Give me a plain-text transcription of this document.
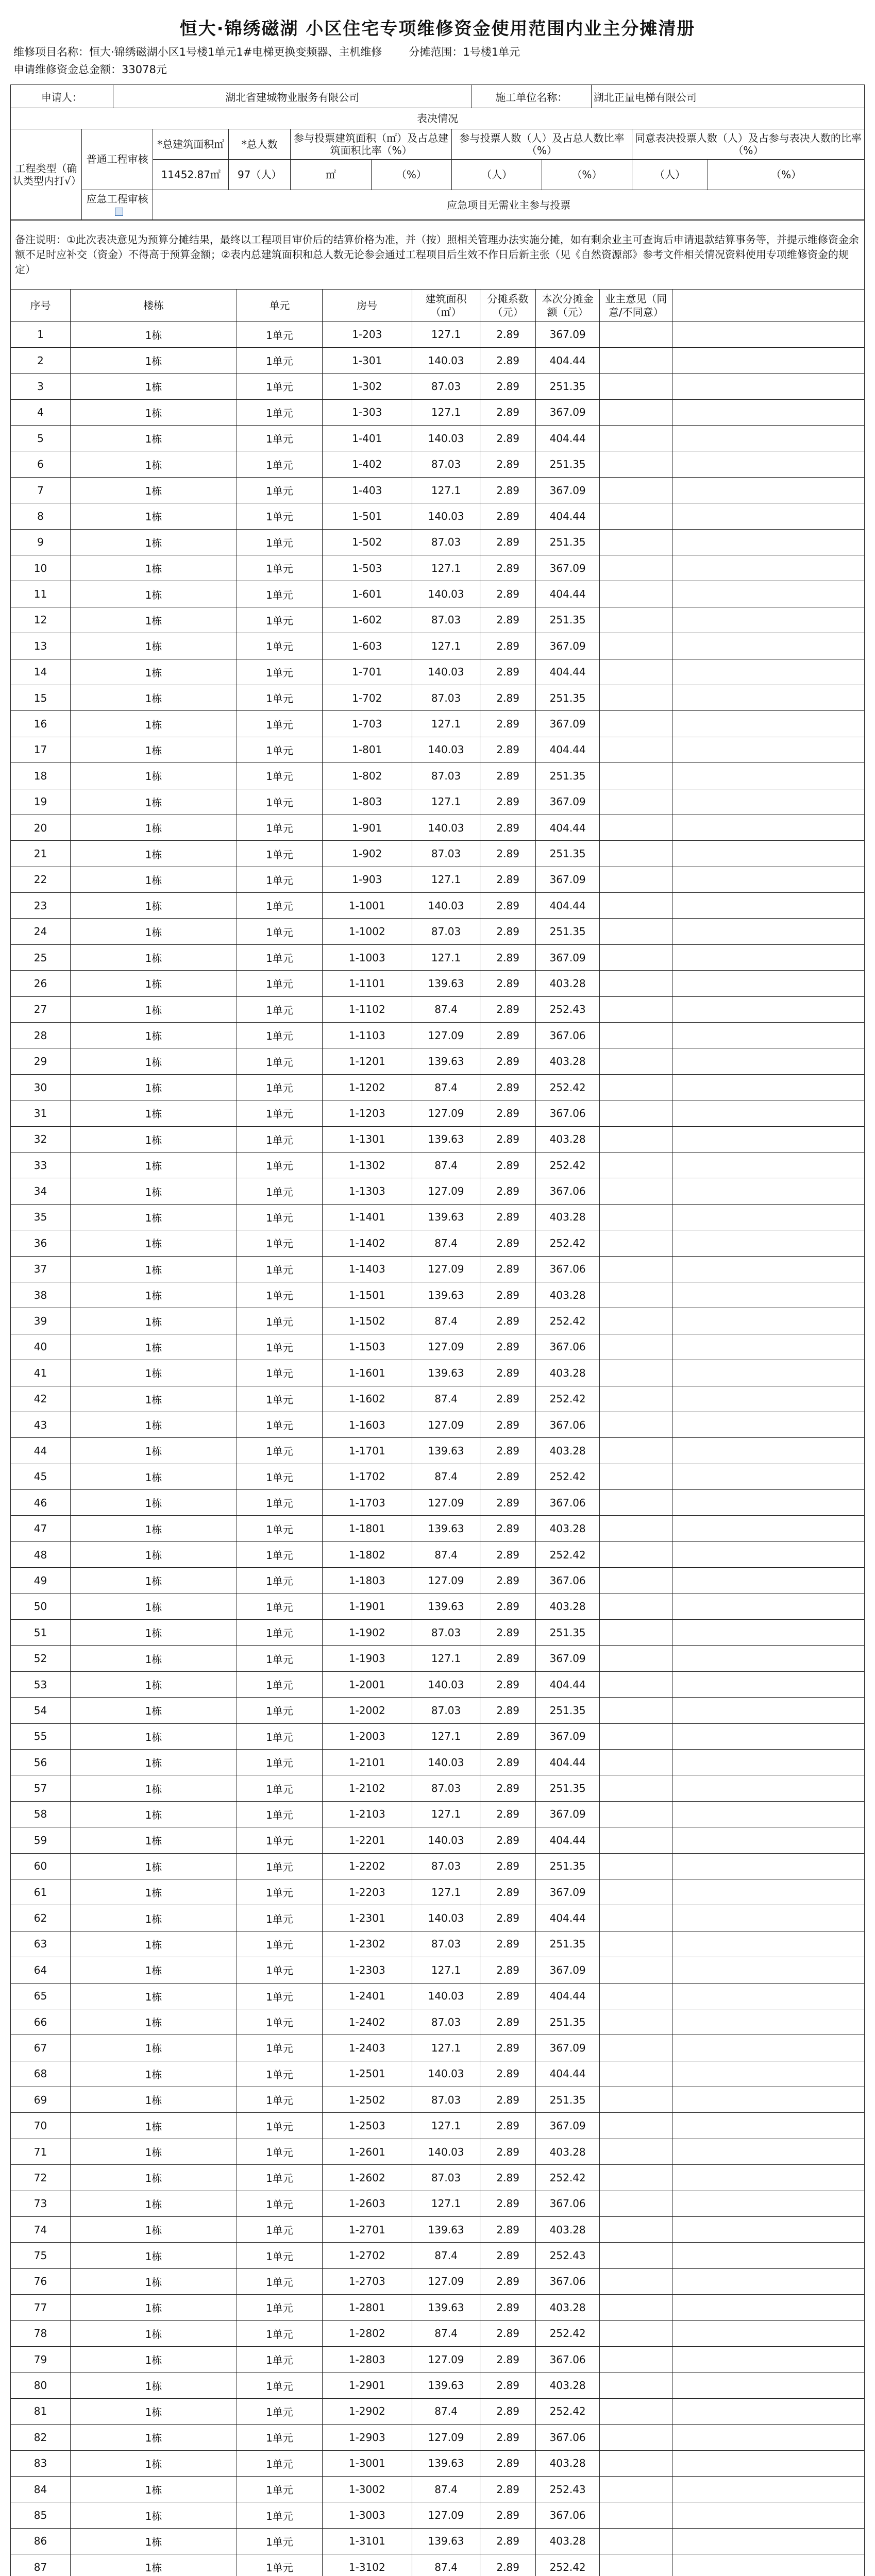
恒大·锦绣磁湖 小区住宅专项维修资金使用范围内业主分摊清册
维修项目名称：恒大·锦绣磁湖小区1号楼1单元1#电梯更换变频器、主机维修 分摊范围：1号楼1单元
申请维修资金总金额：33078元
申请人：	湖北省建城物业服务有限公司	施工单位名称：	湖北正量电梯有限公司
表决情况									
工程类型（确认类型内打√）	普通工程审核	*总建筑面积㎡	*总人数	参与投票建筑面积（㎡）及占总建筑面积比率（%）		参与投票人数（人）及占总人数比率（%）		同意表决投票人数（人）及占参与表决人数的比率（%）	
		11452.87㎡	97（人）	㎡	（%）	（人）	（%）	（人）	（%）
	应急工程审核	应急项目无需业主参与投票							
备注说明：①此次表决意见为预算分摊结果，最终以工程项目审价后的结算价格为准，并（按）照相关管理办法实施分摊，如有剩余业主可查询后申请退款结算事务等，并提示维修资金余额不足时应补交（资金）不得高于预算金额；②表内总建筑面积和总人数无论参会通过工程项目后生效不作日后新主张（见《自然资源部》参考文件相关情况资料使用专项维修资金的规定）
序号	楼栋	单元	房号	建筑面积（㎡）	分摊系数（元）	本次分摊金额（元）	业主意见（同意/不同意）	
1	1栋	1单元	1-203	127.1	2.89	367.09		
2	1栋	1单元	1-301	140.03	2.89	404.44		
3	1栋	1单元	1-302	87.03	2.89	251.35		
4	1栋	1单元	1-303	127.1	2.89	367.09		
5	1栋	1单元	1-401	140.03	2.89	404.44		
6	1栋	1单元	1-402	87.03	2.89	251.35		
7	1栋	1单元	1-403	127.1	2.89	367.09		
8	1栋	1单元	1-501	140.03	2.89	404.44		
9	1栋	1单元	1-502	87.03	2.89	251.35		
10	1栋	1单元	1-503	127.1	2.89	367.09		
11	1栋	1单元	1-601	140.03	2.89	404.44		
12	1栋	1单元	1-602	87.03	2.89	251.35		
13	1栋	1单元	1-603	127.1	2.89	367.09		
14	1栋	1单元	1-701	140.03	2.89	404.44		
15	1栋	1单元	1-702	87.03	2.89	251.35		
16	1栋	1单元	1-703	127.1	2.89	367.09		
17	1栋	1单元	1-801	140.03	2.89	404.44		
18	1栋	1单元	1-802	87.03	2.89	251.35		
19	1栋	1单元	1-803	127.1	2.89	367.09		
20	1栋	1单元	1-901	140.03	2.89	404.44		
21	1栋	1单元	1-902	87.03	2.89	251.35		
22	1栋	1单元	1-903	127.1	2.89	367.09		
23	1栋	1单元	1-1001	140.03	2.89	404.44		
24	1栋	1单元	1-1002	87.03	2.89	251.35		
25	1栋	1单元	1-1003	127.1	2.89	367.09		
26	1栋	1单元	1-1101	139.63	2.89	403.28		
27	1栋	1单元	1-1102	87.4	2.89	252.43		
28	1栋	1单元	1-1103	127.09	2.89	367.06		
29	1栋	1单元	1-1201	139.63	2.89	403.28		
30	1栋	1单元	1-1202	87.4	2.89	252.42		
31	1栋	1单元	1-1203	127.09	2.89	367.06		
32	1栋	1单元	1-1301	139.63	2.89	403.28		
33	1栋	1单元	1-1302	87.4	2.89	252.42		
34	1栋	1单元	1-1303	127.09	2.89	367.06		
35	1栋	1单元	1-1401	139.63	2.89	403.28		
36	1栋	1单元	1-1402	87.4	2.89	252.42		
37	1栋	1单元	1-1403	127.09	2.89	367.06		
38	1栋	1单元	1-1501	139.63	2.89	403.28		
39	1栋	1单元	1-1502	87.4	2.89	252.42		
40	1栋	1单元	1-1503	127.09	2.89	367.06		
41	1栋	1单元	1-1601	139.63	2.89	403.28		
42	1栋	1单元	1-1602	87.4	2.89	252.42		
43	1栋	1单元	1-1603	127.09	2.89	367.06		
44	1栋	1单元	1-1701	139.63	2.89	403.28		
45	1栋	1单元	1-1702	87.4	2.89	252.42		
46	1栋	1单元	1-1703	127.09	2.89	367.06		
47	1栋	1单元	1-1801	139.63	2.89	403.28		
48	1栋	1单元	1-1802	87.4	2.89	252.42		
49	1栋	1单元	1-1803	127.09	2.89	367.06		
50	1栋	1单元	1-1901	139.63	2.89	403.28		
51	1栋	1单元	1-1902	87.03	2.89	251.35		
52	1栋	1单元	1-1903	127.1	2.89	367.09		
53	1栋	1单元	1-2001	140.03	2.89	404.44		
54	1栋	1单元	1-2002	87.03	2.89	251.35		
55	1栋	1单元	1-2003	127.1	2.89	367.09		
56	1栋	1单元	1-2101	140.03	2.89	404.44		
57	1栋	1单元	1-2102	87.03	2.89	251.35		
58	1栋	1单元	1-2103	127.1	2.89	367.09		
59	1栋	1单元	1-2201	140.03	2.89	404.44		
60	1栋	1单元	1-2202	87.03	2.89	251.35		
61	1栋	1单元	1-2203	127.1	2.89	367.09		
62	1栋	1单元	1-2301	140.03	2.89	404.44		
63	1栋	1单元	1-2302	87.03	2.89	251.35		
64	1栋	1单元	1-2303	127.1	2.89	367.09		
65	1栋	1单元	1-2401	140.03	2.89	404.44		
66	1栋	1单元	1-2402	87.03	2.89	251.35		
67	1栋	1单元	1-2403	127.1	2.89	367.09		
68	1栋	1单元	1-2501	140.03	2.89	404.44		
69	1栋	1单元	1-2502	87.03	2.89	251.35		
70	1栋	1单元	1-2503	127.1	2.89	367.09		
71	1栋	1单元	1-2601	140.03	2.89	403.28		
72	1栋	1单元	1-2602	87.03	2.89	252.42		
73	1栋	1单元	1-2603	127.1	2.89	367.06		
74	1栋	1单元	1-2701	139.63	2.89	403.28		
75	1栋	1单元	1-2702	87.4	2.89	252.43		
76	1栋	1单元	1-2703	127.09	2.89	367.06		
77	1栋	1单元	1-2801	139.63	2.89	403.28		
78	1栋	1单元	1-2802	87.4	2.89	252.42		
79	1栋	1单元	1-2803	127.09	2.89	367.06		
80	1栋	1单元	1-2901	139.63	2.89	403.28		
81	1栋	1单元	1-2902	87.4	2.89	252.42		
82	1栋	1单元	1-2903	127.09	2.89	367.06		
83	1栋	1单元	1-3001	139.63	2.89	403.28		
84	1栋	1单元	1-3002	87.4	2.89	252.43		
85	1栋	1单元	1-3003	127.09	2.89	367.06		
86	1栋	1单元	1-3101	139.63	2.89	403.28		
87	1栋	1单元	1-3102	87.4	2.89	252.42		
